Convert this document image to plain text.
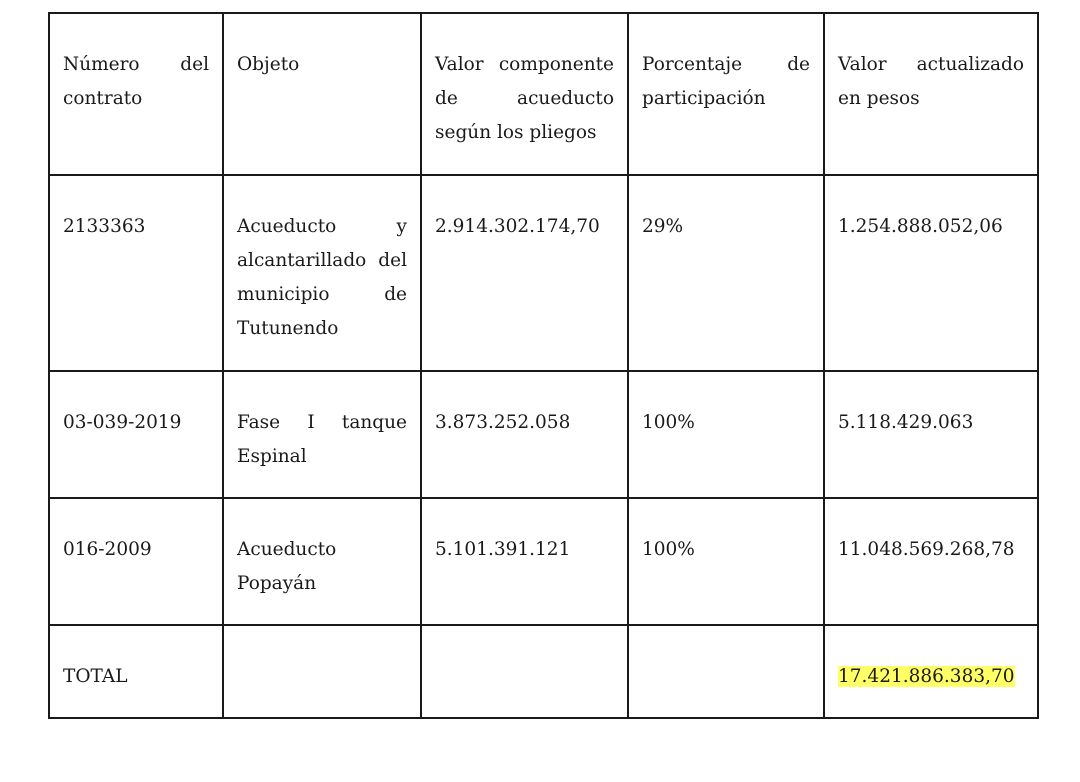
Número del contrato	Objeto	Valor componente de acueducto según los pliegos	Porcentaje de participación	Valor actualizado en pesos
2133363	Acueducto y alcantarillado del municipio de Tutunendo	2.914.302.174,70	29%	1.254.888.052,06
03-039-2019	Fase I tanque Espinal	3.873.252.058	100%	5.118.429.063
016-2009	Acueducto Popayán	5.101.391.121	100%	11.048.569.268,78
TOTAL				17.421.886.383,70
